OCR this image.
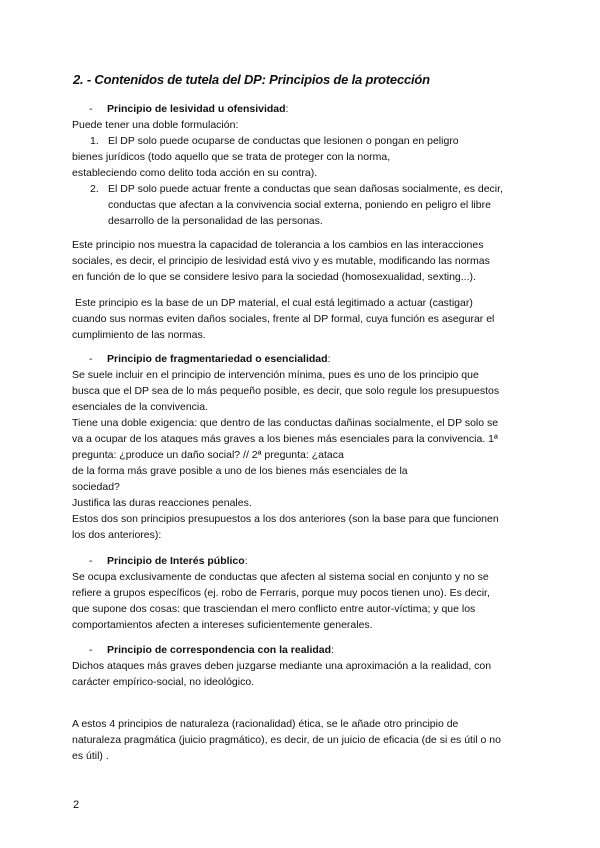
2. - Contenidos de tutela del DP: Principios de la protección
- Principio de lesividad u ofensividad:
Puede tener una doble formulación:
1. El DP solo puede ocuparse de conductas que lesionen o pongan en peligro
bienes jurídicos (todo aquello que se trata de proteger con la norma,
estableciendo como delito toda acción en su contra).
2. El DP solo puede actuar frente a conductas que sean dañosas socialmente, es decir,
conductas que afectan a la convivencia social externa, poniendo en peligro el libre
desarrollo de la personalidad de las personas.
Este principio nos muestra la capacidad de tolerancia a los cambios en las interacciones
sociales, es decir, el principio de lesividad está vivo y es mutable, modificando las normas
en función de lo que se considere lesivo para la sociedad (homosexualidad, sexting...).
Este principio es la base de un DP material, el cual está legitimado a actuar (castigar)
cuando sus normas eviten daños sociales, frente al DP formal, cuya función es asegurar el
cumplimiento de las normas.
- Principio de fragmentariedad o esencialidad:
Se suele incluir en el principio de intervención mínima, pues es uno de los principio que
busca que el DP sea de lo más pequeño posible, es decir, que solo regule los presupuestos
esenciales de la convivencia.
Tiene una doble exigencia: que dentro de las conductas dañinas socialmente, el DP solo se
va a ocupar de los ataques más graves a los bienes más esenciales para la convivencia. 1ª
pregunta: ¿produce un daño social? // 2ª pregunta: ¿ataca
de la forma más grave posible a uno de los bienes más esenciales de la
sociedad?
Justifica las duras reacciones penales.
Estos dos son principios presupuestos a los dos anteriores (son la base para que funcionen
los dos anteriores):
- Principio de Interés público:
Se ocupa exclusivamente de conductas que afecten al sistema social en conjunto y no se
refiere a grupos específicos (ej. robo de Ferraris, porque muy pocos tienen uno). Es decir,
que supone dos cosas: que trasciendan el mero conflicto entre autor-víctima; y que los
comportamientos afecten a intereses suficientemente generales.
- Principio de correspondencia con la realidad:
Dichos ataques más graves deben juzgarse mediante una aproximación a la realidad, con
carácter empírico-social, no ideológico.
A estos 4 principios de naturaleza (racionalidad) ética, se le añade otro principio de
naturaleza pragmática (juicio pragmático), es decir, de un juicio de eficacia (de si es útil o no
es útil) .
2
